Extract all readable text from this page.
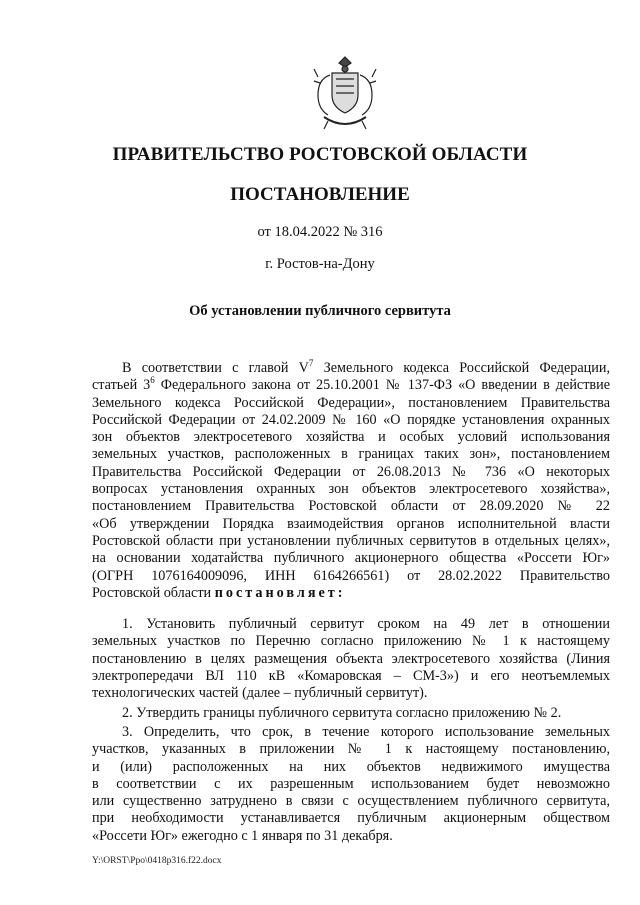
ПРАВИТЕЛЬСТВО РОСТОВСКОЙ ОБЛАСТИ
ПОСТАНОВЛЕНИЕ
от 18.04.2022 № 316
г. Ростов-на-Дону
Об установлении публичного сервитута
В соответствии с главой $V^7$ Земельного кодекса Российской Федерации,
статьей $3^6$ Федерального закона от 25.10.2001 № 137-ФЗ «О введении в действие
Земельного кодекса Российской Федерации», постановлением Правительства
Российской Федерации от 24.02.2009 № 160 «О порядке установления охранных
зон объектов электросетевого хозяйства и особых условий использования
земельных участков, расположенных в границах таких зон», постановлением
Правительства Российской Федерации от 26.08.2013 № 736 «О некоторых
вопросах установления охранных зон объектов электросетевого хозяйства»,
постановлением Правительства Ростовской области от 28.09.2020 № 22
«Об утверждении Порядка взаимодействия органов исполнительной власти
Ростовской области при установлении публичных сервитутов в отдельных целях»,
на основании ходатайства публичного акционерного общества «Россети Юг»
(ОГРН 1076164009096, ИНН 6164266561) от 28.02.2022 Правительство
Ростовской области постановляет:
1. Установить публичный сервитут сроком на 49 лет в отношении
земельных участков по Перечню согласно приложению № 1 к настоящему
постановлению в целях размещения объекта электросетевого хозяйства (Линия
электропередачи ВЛ 110 кВ «Комаровская – СМ-3») и его неотъемлемых
технологических частей (далее – публичный сервитут).
2. Утвердить границы публичного сервитута согласно приложению № 2.
3. Определить, что срок, в течение которого использование земельных
участков, указанных в приложении № 1 к настоящему постановлению,
и (или) расположенных на них объектов недвижимого имущества
в соответствии с их разрешенным использованием будет невозможно
или существенно затруднено в связи с осуществлением публичного сервитута,
при необходимости устанавливается публичным акционерным обществом
«Россети Юг» ежегодно с 1 января по 31 декабря.
Y:\ORST\Ppo\0418p316.f22.docx
